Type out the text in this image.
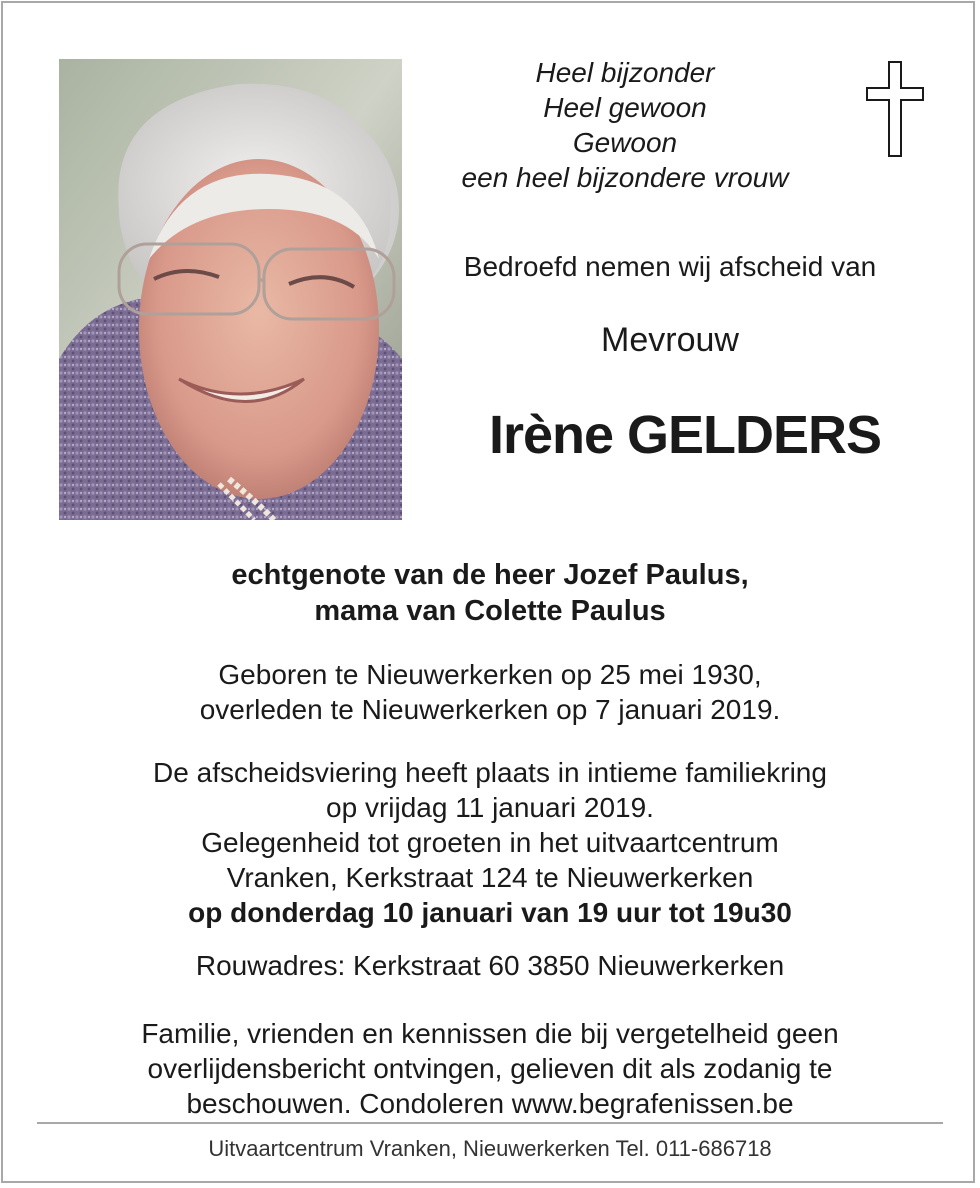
Heel bijzonder
Heel gewoon
Gewoon
een heel bijzondere vrouw
Bedroefd nemen wij afscheid van
Mevrouw
Irène GELDERS
echtgenote van de heer Jozef Paulus,
mama van Colette Paulus
Geboren te Nieuwerkerken op 25 mei 1930,
overleden te Nieuwerkerken op 7 januari 2019.
De afscheidsviering heeft plaats in intieme familiekring
op vrijdag 11 januari 2019.
Gelegenheid tot groeten in het uitvaartcentrum
Vranken, Kerkstraat 124 te Nieuwerkerken
op donderdag 10 januari van 19 uur tot 19u30
Rouwadres: Kerkstraat 60 3850 Nieuwerkerken
Familie, vrienden en kennissen die bij vergetelheid geen
overlijdensbericht ontvingen, gelieven dit als zodanig te
beschouwen. Condoleren www.begrafenissen.be
Uitvaartcentrum Vranken, Nieuwerkerken Tel. 011-686718
